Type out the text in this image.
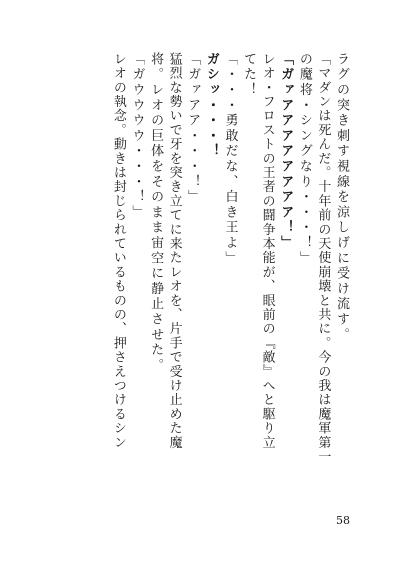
ラグの突き刺す視線を涼しげに受け流す。
「マダンは死んだ。十年前の天使崩壊と共に。今の我は魔軍第一
の魔将・シングなり・・・！」
「ガァアアアアアアアア！」
レオ・フロストの王者の闘争本能が、眼前の『敵』へと駆り立
てた！
「・・・勇敢だな、白き王よ」
ガシッ・・・！
「ガァアア・・・！」
猛烈な勢いで牙を突き立てに来たレオを、片手で受け止めた魔
将。レオの巨体をそのまま宙空に静止させた。
「ガウウウウ・・・！」
レオの執念。動きは封じられているものの、押さえつけるシン
58
